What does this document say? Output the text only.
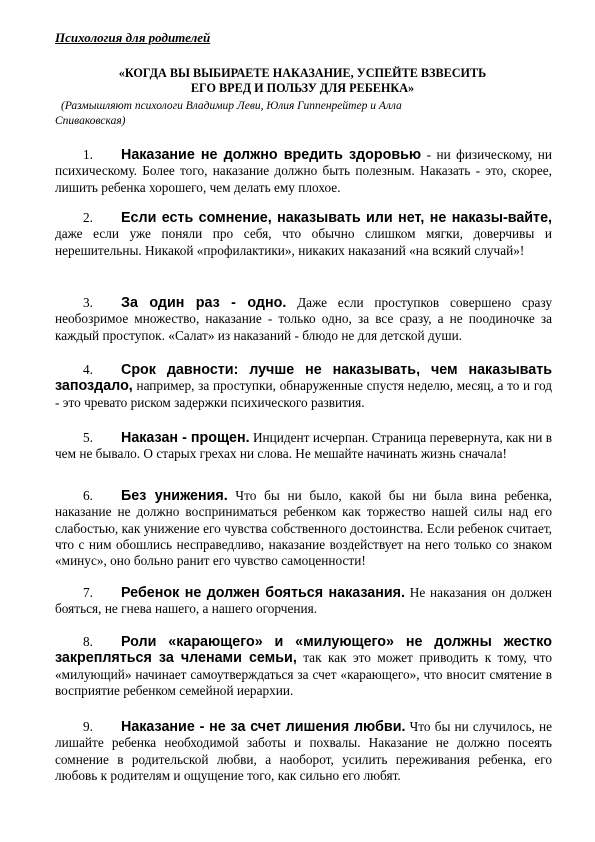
Психология для родителей
«КОГДА ВЫ ВЫБИРАЕТЕ НАКАЗАНИЕ, УСПЕЙТЕ ВЗВЕСИТЬ
ЕГО ВРЕД И ПОЛЬЗУ ДЛЯ РЕБЕНКА»
(Размышляют психологи Владимир Леви, Юлия Гиппенрейтер и Алла
Спиваковская)
1. Наказание не должно вредить здоровью - ни физическому, ни психическому. Более того, наказание должно быть полезным. Наказать - это, скорее, лишить ребенка хорошего, чем делать ему плохое.
2. Если есть сомнение, наказывать или нет, не наказы-вайте, даже если уже поняли про себя, что обычно слишком мягки, доверчивы и нерешительны. Никакой «профилактики», никаких наказаний «на всякий случай»!
3. За один раз - одно. Даже если проступков совершено сразу необозримое множество, наказание - только одно, за все сразу, а не поодиночке за каждый проступок. «Салат» из наказаний - блюдо не для детской души.
4. Срок давности: лучше не наказывать, чем наказывать запоздало, например, за проступки, обнаруженные спустя неделю, месяц, а то и год - это чревато риском задержки психического развития.
5. Наказан - прощен. Инцидент исчерпан. Страница перевернута, как ни в чем не бывало. О старых грехах ни слова. Не мешайте начинать жизнь сначала!
6. Без унижения. Что бы ни было, какой бы ни была вина ребенка, наказание не должно восприниматься ребенком как торжество нашей силы над его слабостью, как унижение его чувства собственного достоинства. Если ребенок считает, что с ним обошлись несправедливо, наказание воздействует на него только со знаком «минус», оно больно ранит его чувство самоценности!
7. Ребенок не должен бояться наказания. Не наказания он должен бояться, не гнева нашего, а нашего огорчения.
8. Роли «карающего» и «милующего» не должны жестко закрепляться за членами семьи, так как это может приводить к тому, что «милующий» начинает самоутверждаться за счет «карающего», что вносит смятение в восприятие ребенком семейной иерархии.
9. Наказание - не за счет лишения любви. Что бы ни случилось, не лишайте ребенка необходимой заботы и похвалы. Наказание не должно посеять сомнение в родительской любви, а наоборот, усилить переживания ребенка, его любовь к родителям и ощущение того, как сильно его любят.
